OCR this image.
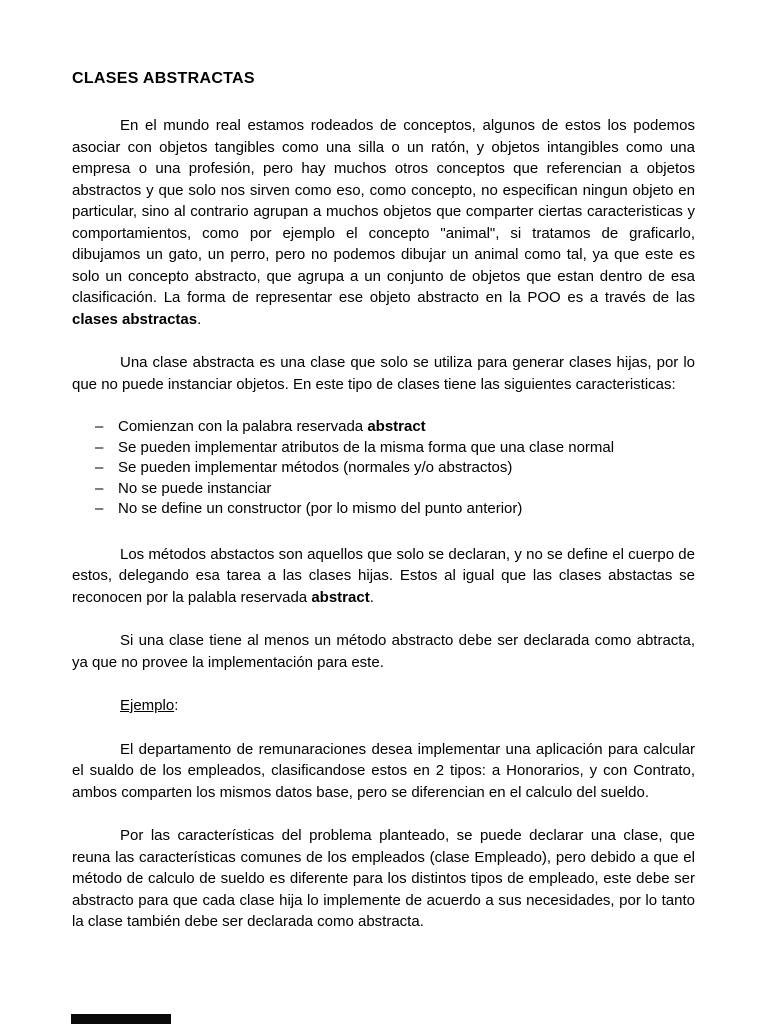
CLASES ABSTRACTAS

En el mundo real estamos rodeados de conceptos, algunos de estos los podemos asociar con objetos tangibles como una silla o un ratón, y objetos intangibles como una empresa o una profesión, pero hay muchos otros conceptos que referencian a objetos abstractos y que solo nos sirven como eso, como concepto, no especifican ningun objeto en particular, sino al contrario agrupan a muchos objetos que comparter ciertas caracteristicas y comportamientos, como por ejemplo el concepto "animal", si tratamos de graficarlo, dibujamos un gato, un perro, pero no podemos dibujar un animal como tal, ya que este es solo un concepto abstracto, que agrupa a un conjunto de objetos que estan dentro de esa clasificación. La forma de representar ese objeto abstracto en la POO es a través de las clases abstractas.

Una clase abstracta es una clase que solo se utiliza para generar clases hijas, por lo que no puede instanciar objetos. En este tipo de clases tiene las siguientes caracteristicas:

– Comienzan con la palabra reservada abstract
– Se pueden implementar atributos de la misma forma que una clase normal
– Se pueden implementar métodos (normales y/o abstractos)
– No se puede instanciar
– No se define un constructor (por lo mismo del punto anterior)

Los métodos abstactos son aquellos que solo se declaran, y no se define el cuerpo de estos, delegando esa tarea a las clases hijas. Estos al igual que las clases abstactas se reconocen por la palabla reservada abstract.

Si una clase tiene al menos un método abstracto debe ser declarada como abtracta, ya que no provee la implementación para este.

Ejemplo:

El departamento de remunaraciones desea implementar una aplicación para calcular el sualdo de los empleados, clasificandose estos en 2 tipos: a Honorarios, y con Contrato, ambos comparten los mismos datos base, pero se diferencian en el calculo del sueldo.

Por las características del problema planteado, se puede declarar una clase, que reuna las características comunes de los empleados (clase Empleado), pero debido a que el método de calculo de sueldo es diferente para los distintos tipos de empleado, este debe ser abstracto para que cada clase hija lo implemente de acuerdo a sus necesidades, por lo tanto la clase también debe ser declarada como abstracta.
